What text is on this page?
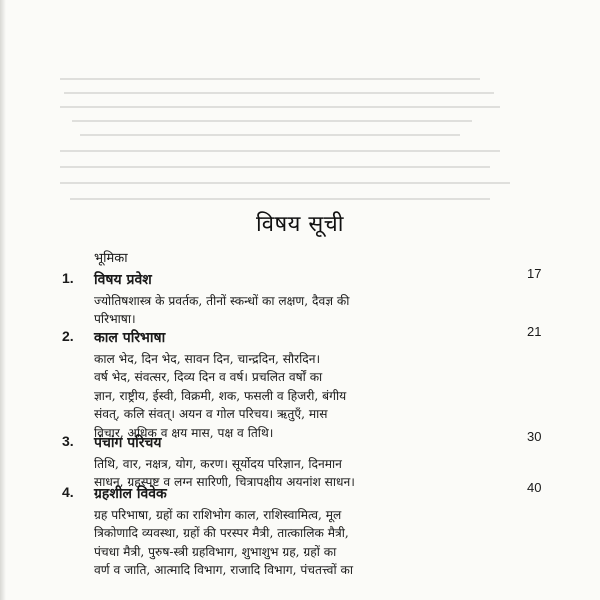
विषय सूची
भूमिका
1. विषय प्रवेश	17
ज्योतिषशास्त्र के प्रवर्तक, तीनों स्कन्धों का लक्षण, दैवज्ञ की
परिभाषा।
2. काल परिभाषा	21
काल भेद, दिन भेद, सावन दिन, चान्द्रदिन, सौरदिन।
वर्ष भेद, संवत्सर, दिव्य दिन व वर्ष। प्रचलित वर्षों का
ज्ञान, राष्ट्रीय, ईस्वी, विक्रमी, शक, फसली व हिजरी, बंगीय
संवत्, कलि संवत्। अयन व गोल परिचय। ऋतुएँ, मास
विचार, अधिक व क्षय मास, पक्ष व तिथि।
3. पंचांग परिचय	30
तिथि, वार, नक्षत्र, योग, करण। सूर्योदय परिज्ञान, दिनमान
साधन, ग्रहस्पष्ट व लग्न सारिणी, चित्रापक्षीय अयनांश साधन।
4. ग्रहशील विवेक	40
ग्रह परिभाषा, ग्रहों का राशिभोग काल, राशिस्वामित्व, मूल
त्रिकोणादि व्यवस्था, ग्रहों की परस्पर मैत्री, तात्कालिक मैत्री,
पंचधा मैत्री, पुरुष-स्त्री ग्रहविभाग, शुभाशुभ ग्रह, ग्रहों का
वर्ण व जाति, आत्मादि विभाग, राजादि विभाग, पंचतत्त्वों का
